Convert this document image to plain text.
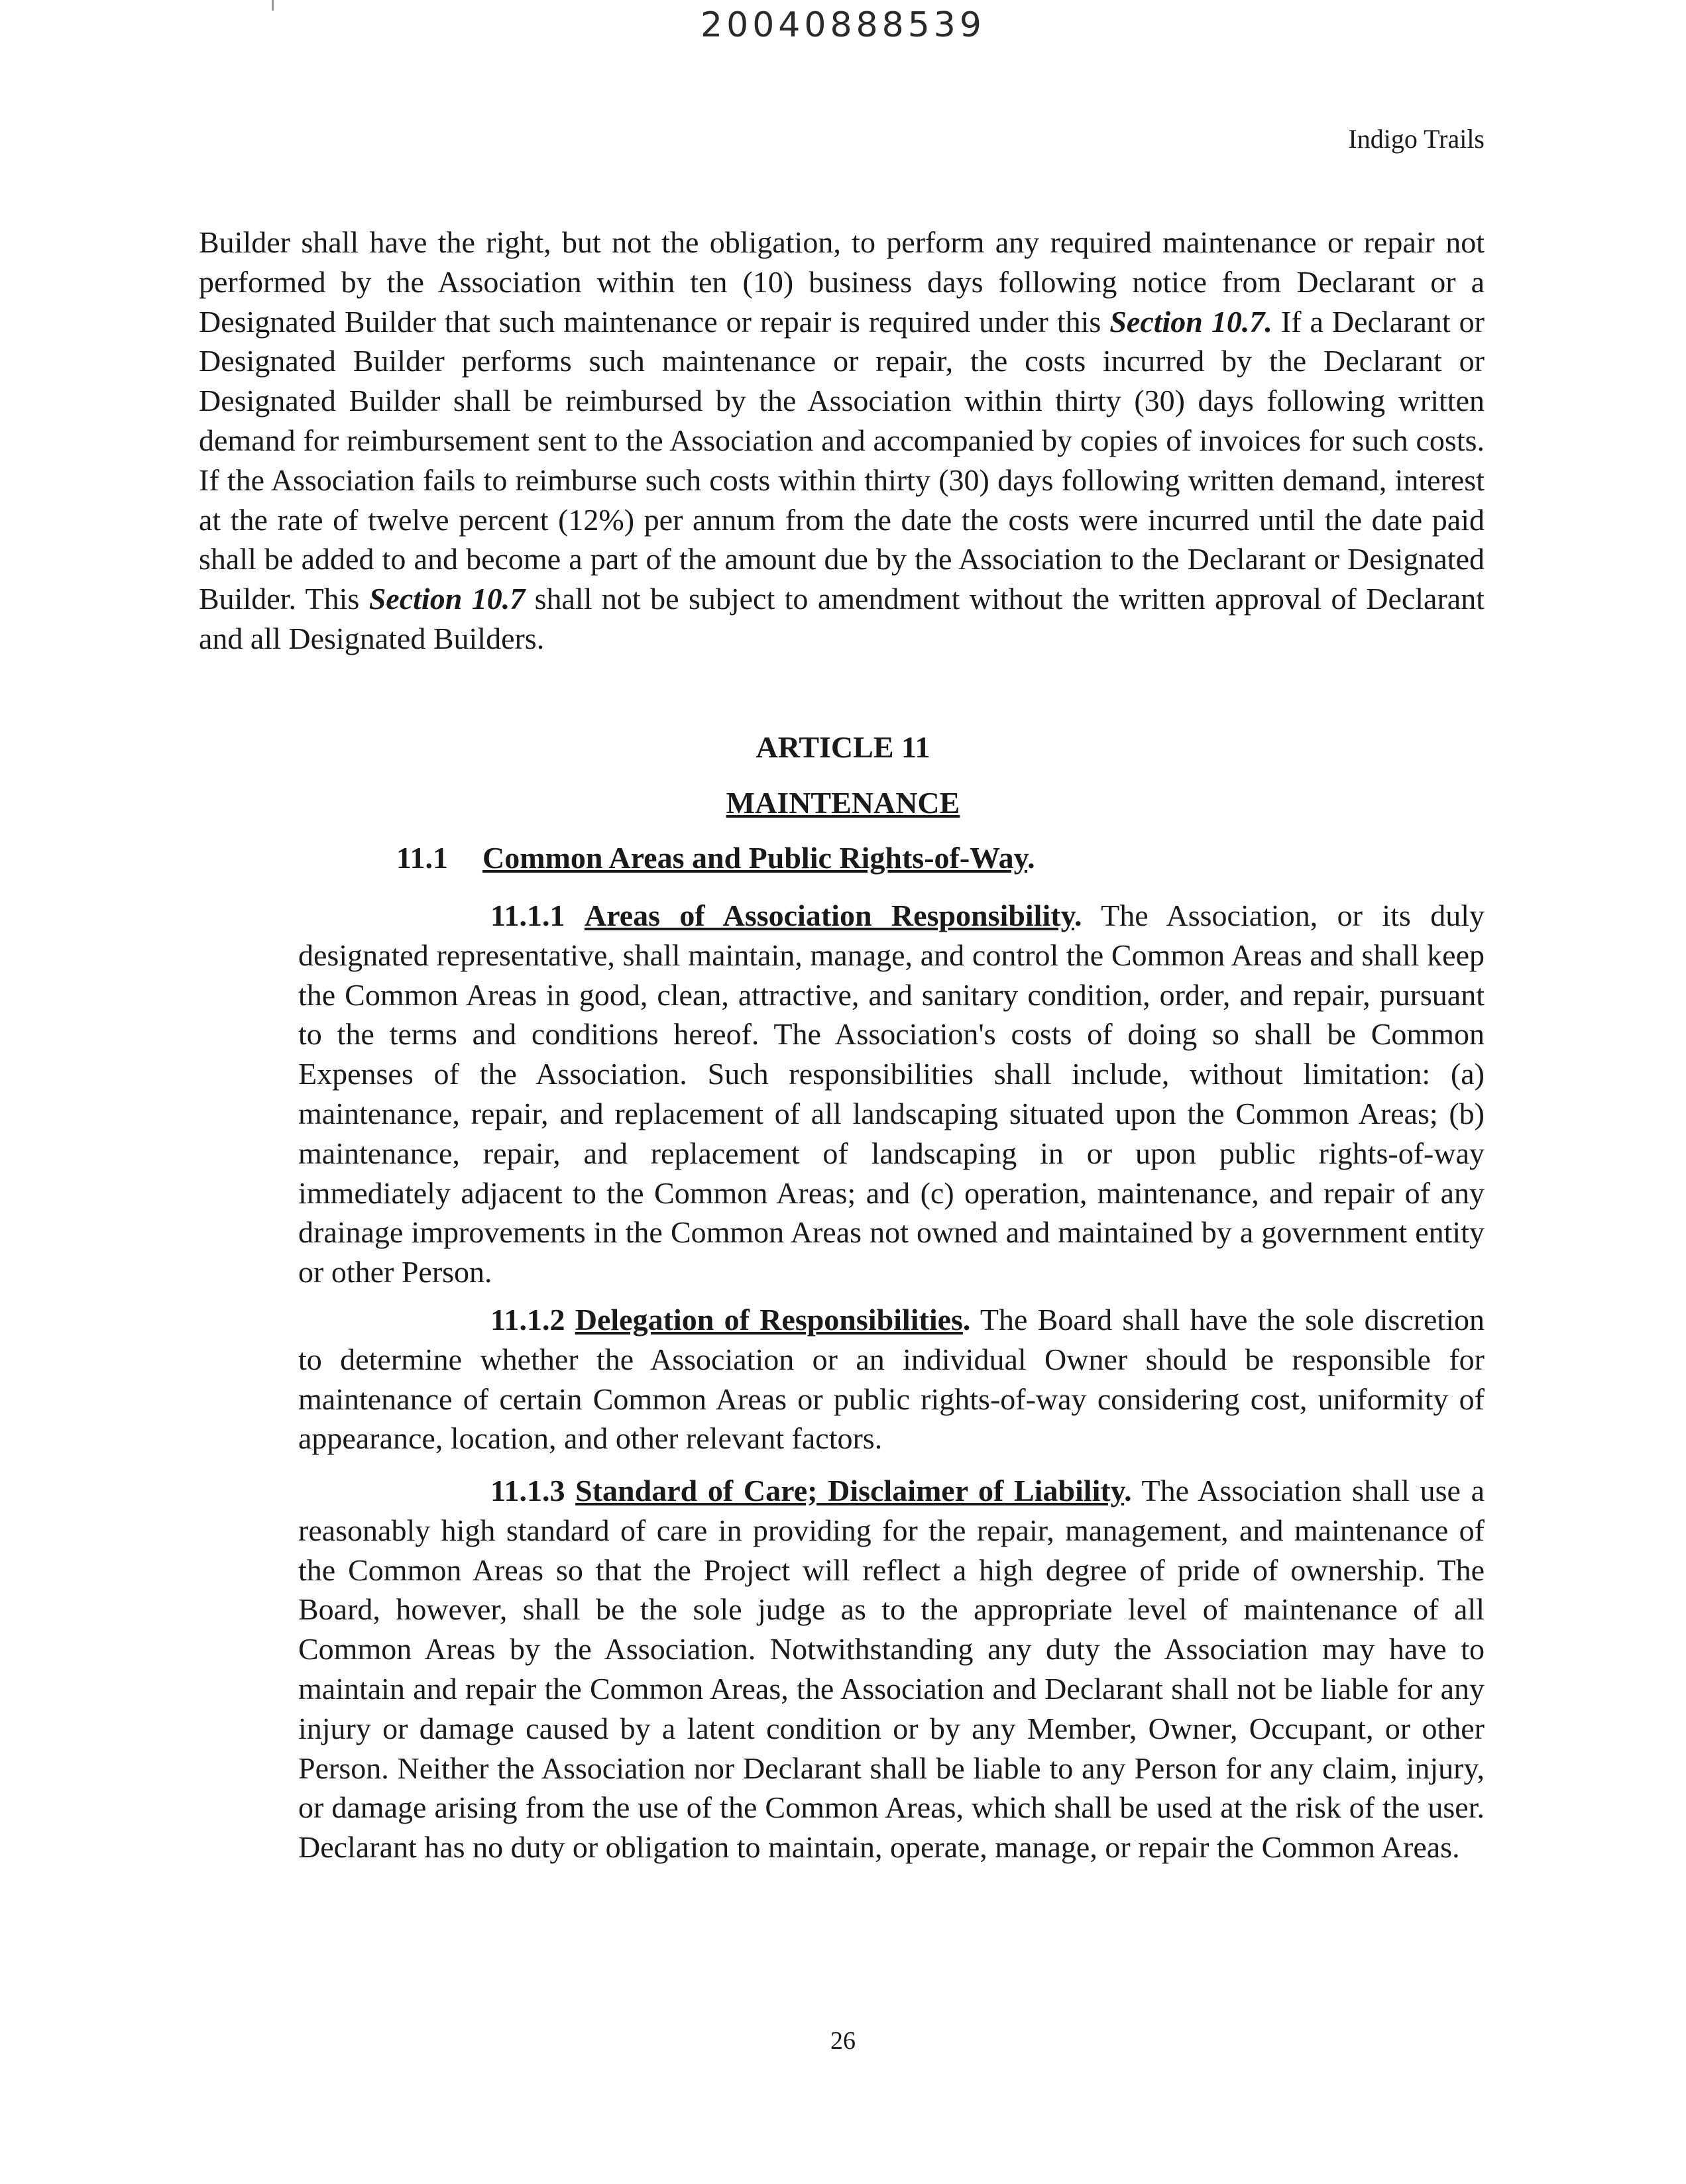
20040888539
Indigo Trails

Builder shall have the right, but not the obligation, to perform any required maintenance or repair not performed by the Association within ten (10) business days following notice from Declarant or a Designated Builder that such maintenance or repair is required under this Section 10.7. If a Declarant or Designated Builder performs such maintenance or repair, the costs incurred by the Declarant or Designated Builder shall be reimbursed by the Association within thirty (30) days following written demand for reimbursement sent to the Association and accompanied by copies of invoices for such costs. If the Association fails to reimburse such costs within thirty (30) days following written demand, interest at the rate of twelve percent (12%) per annum from the date the costs were incurred until the date paid shall be added to and become a part of the amount due by the Association to the Declarant or Designated Builder. This Section 10.7 shall not be subject to amendment without the written approval of Declarant and all Designated Builders.

ARTICLE 11
MAINTENANCE
11.1 Common Areas and Public Rights-of-Way.

11.1.1 Areas of Association Responsibility. The Association, or its duly designated representative, shall maintain, manage, and control the Common Areas and shall keep the Common Areas in good, clean, attractive, and sanitary condition, order, and repair, pursuant to the terms and conditions hereof. The Association's costs of doing so shall be Common Expenses of the Association. Such responsibilities shall include, without limitation: (a) maintenance, repair, and replacement of all landscaping situated upon the Common Areas; (b) maintenance, repair, and replacement of landscaping in or upon public rights-of-way immediately adjacent to the Common Areas; and (c) operation, maintenance, and repair of any drainage improvements in the Common Areas not owned and maintained by a government entity or other Person.

11.1.2 Delegation of Responsibilities. The Board shall have the sole discretion to determine whether the Association or an individual Owner should be responsible for maintenance of certain Common Areas or public rights-of-way considering cost, uniformity of appearance, location, and other relevant factors.

11.1.3 Standard of Care; Disclaimer of Liability. The Association shall use a reasonably high standard of care in providing for the repair, management, and maintenance of the Common Areas so that the Project will reflect a high degree of pride of ownership. The Board, however, shall be the sole judge as to the appropriate level of maintenance of all Common Areas by the Association. Notwithstanding any duty the Association may have to maintain and repair the Common Areas, the Association and Declarant shall not be liable for any injury or damage caused by a latent condition or by any Member, Owner, Occupant, or other Person. Neither the Association nor Declarant shall be liable to any Person for any claim, injury, or damage arising from the use of the Common Areas, which shall be used at the risk of the user. Declarant has no duty or obligation to maintain, operate, manage, or repair the Common Areas.

26
